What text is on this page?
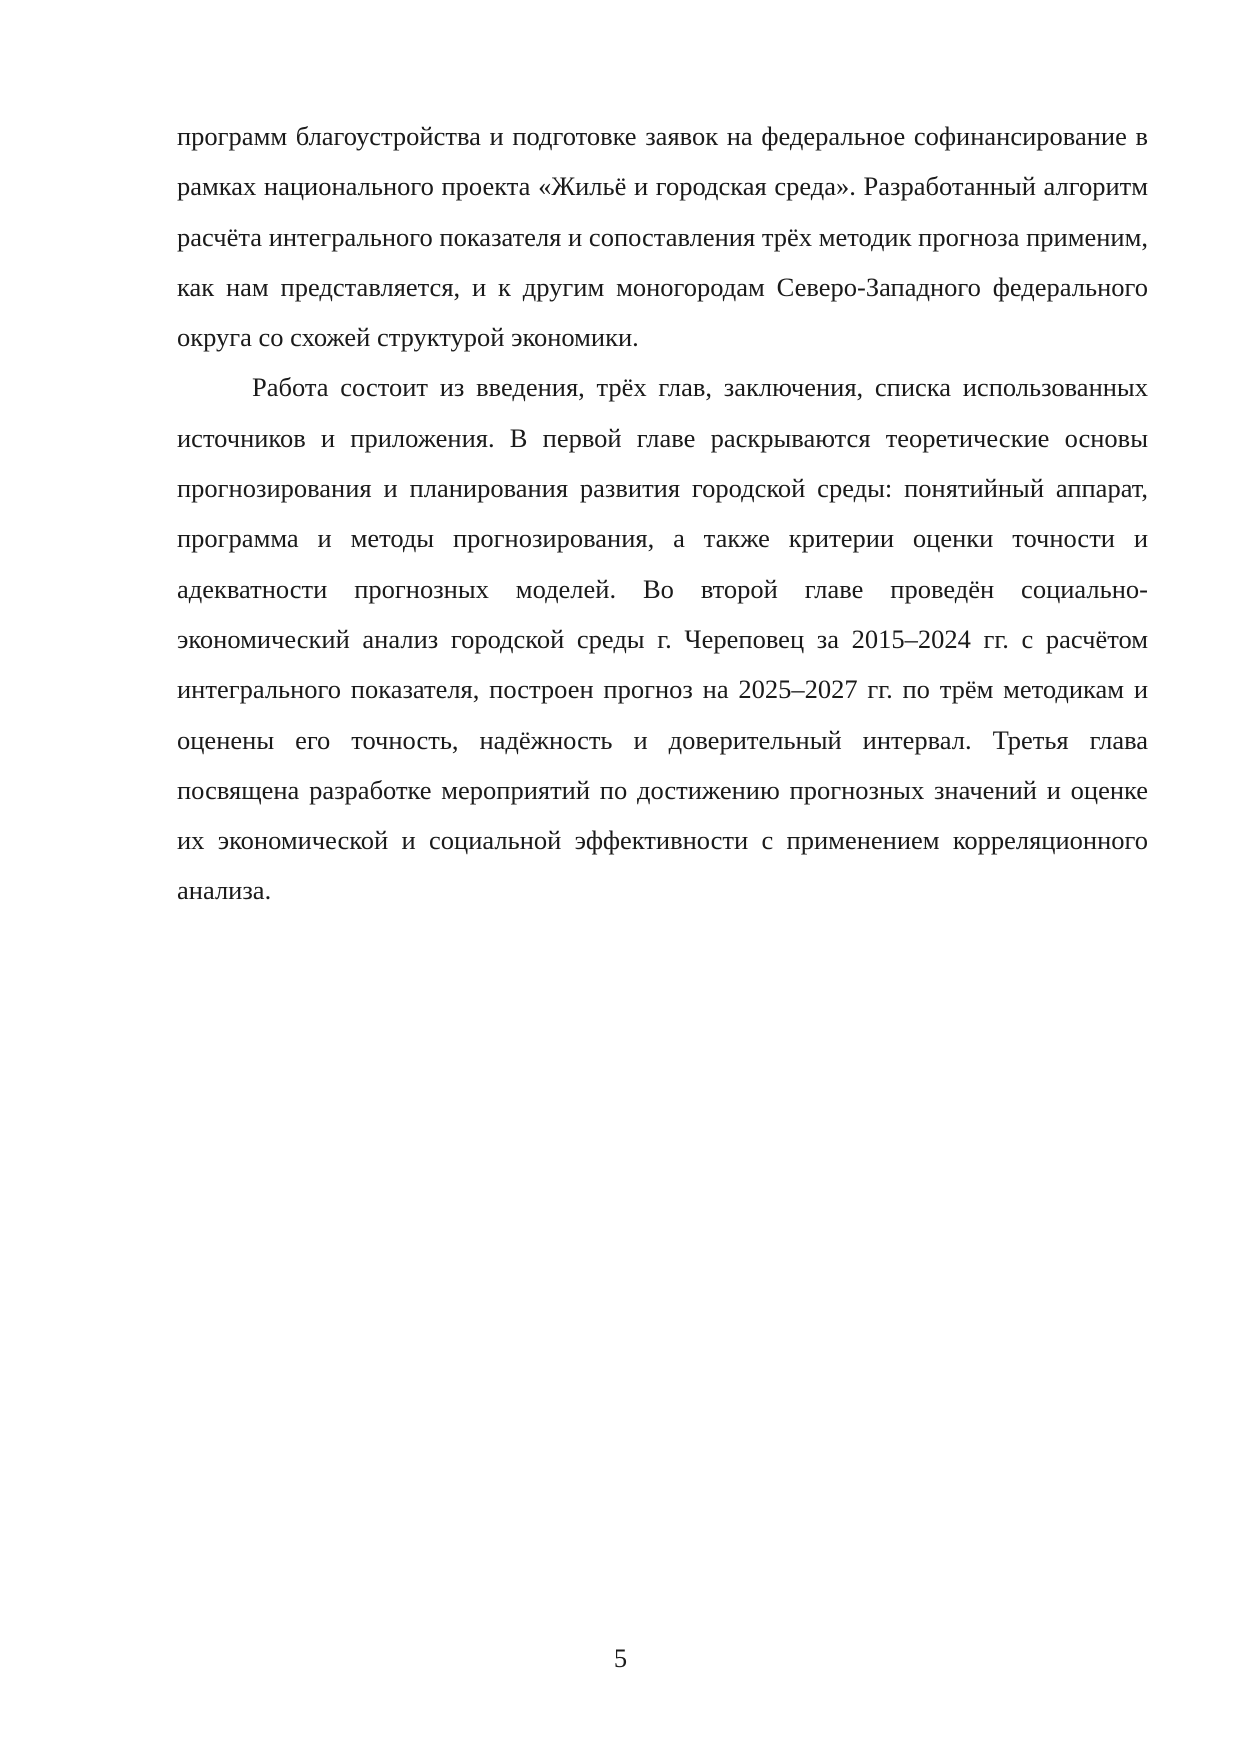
программ благоустройства и подготовке заявок на федеральное софинансирование в рамках национального проекта «Жильё и городская среда». Разработанный алгоритм расчёта интегрального показателя и сопоставления трёх методик прогноза применим, как нам представляется, и к другим моногородам Северо-Западного федерального округа со схожей структурой экономики.

Работа состоит из введения, трёх глав, заключения, списка использованных источников и приложения. В первой главе раскрываются теоретические основы прогнозирования и планирования развития городской среды: понятийный аппарат, программа и методы прогнозирования, а также критерии оценки точности и адекватности прогнозных моделей. Во второй главе проведён социально-экономический анализ городской среды г. Череповец за 2015–2024 гг. с расчётом интегрального показателя, построен прогноз на 2025–2027 гг. по трём методикам и оценены его точность, надёжность и доверительный интервал. Третья глава посвящена разработке мероприятий по достижению прогнозных значений и оценке их экономической и социальной эффективности с применением корреляционного анализа.

5
